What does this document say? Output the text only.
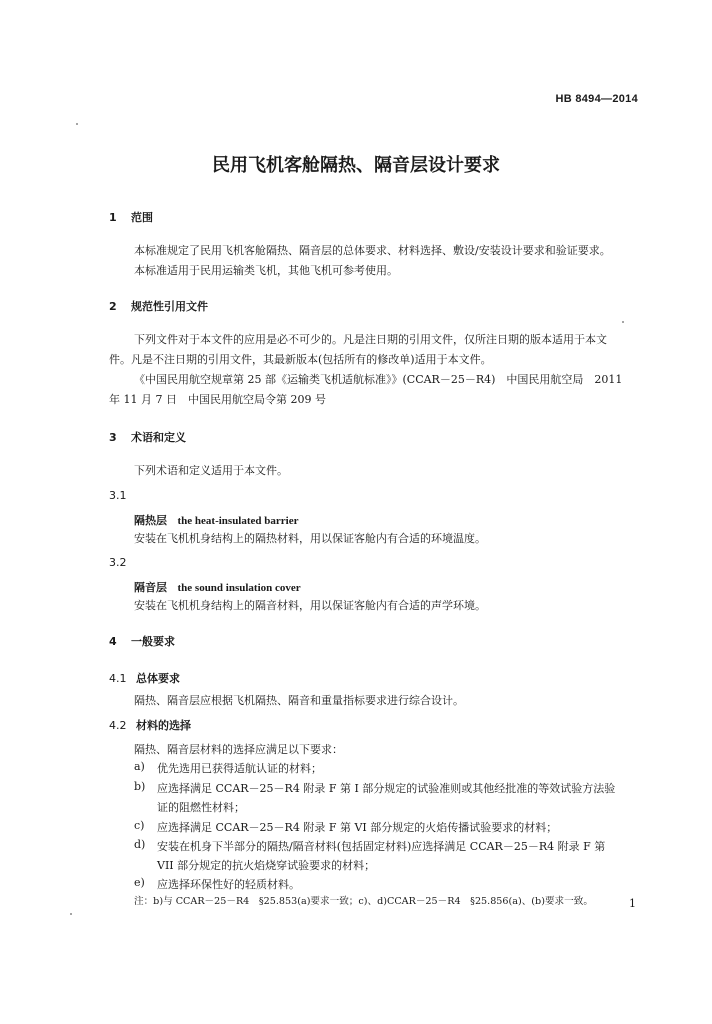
HB 8494—2014
民用飞机客舱隔热、隔音层设计要求
1 范围
本标准规定了民用飞机客舱隔热、隔音层的总体要求、材料选择、敷设/安装设计要求和验证要求。
本标准适用于民用运输类飞机，其他飞机可参考使用。
2 规范性引用文件
下列文件对于本文件的应用是必不可少的。凡是注日期的引用文件，仅所注日期的版本适用于本文
件。凡是不注日期的引用文件，其最新版本(包括所有的修改单)适用于本文件。
《中国民用航空规章第 25 部《运输类飞机适航标准》》(CCAR－25－R4)　中国民用航空局　2011
年 11 月 7 日　中国民用航空局令第 209 号
3 术语和定义
下列术语和定义适用于本文件。
3.1
隔热层 the heat-insulated barrier
安装在飞机机身结构上的隔热材料，用以保证客舱内有合适的环境温度。
3.2
隔音层 the sound insulation cover
安装在飞机机身结构上的隔音材料，用以保证客舱内有合适的声学环境。
4 一般要求
4.1 总体要求
隔热、隔音层应根据飞机隔热、隔音和重量指标要求进行综合设计。
4.2 材料的选择
隔热、隔音层材料的选择应满足以下要求：
a) 优先选用已获得适航认证的材料；
b) 应选择满足 CCAR－25－R4 附录 F 第 I 部分规定的试验准则或其他经批准的等效试验方法验
证的阻燃性材料；
c) 应选择满足 CCAR－25－R4 附录 F 第 VI 部分规定的火焰传播试验要求的材料；
d) 安装在机身下半部分的隔热/隔音材料(包括固定材料)应选择满足 CCAR－25－R4 附录 F 第
VII 部分规定的抗火焰烧穿试验要求的材料；
e) 应选择环保性好的轻质材料。
注：b)与 CCAR－25－R4　§25.853(a)要求一致；c)、d)CCAR－25－R4　§25.856(a)、(b)要求一致。	1
